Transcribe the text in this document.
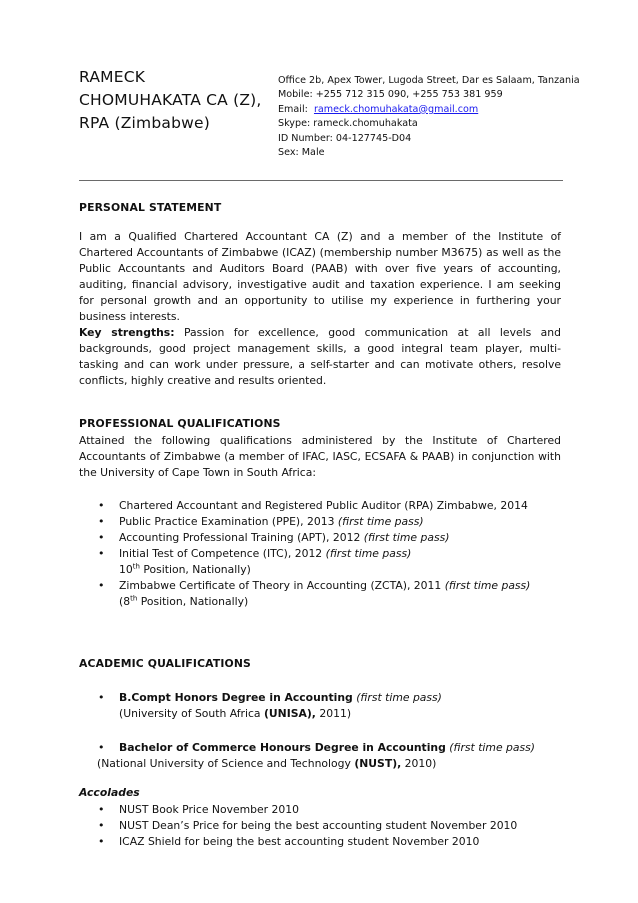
RAMECK
CHOMUHAKATA CA (Z),
RPA (Zimbabwe)
Office 2b, Apex Tower, Lugoda Street, Dar es Salaam, Tanzania
Mobile: +255 712 315 090, +255 753 381 959
Email: rameck.chomuhakata@gmail.com
Skype: rameck.chomuhakata
ID Number: 04-127745-D04
Sex: Male
PERSONAL STATEMENT
I am a Qualified Chartered Accountant CA (Z) and a member of the Institute of Chartered Accountants of Zimbabwe (ICAZ) (membership number M3675) as well as the Public Accountants and Auditors Board (PAAB) with over five years of accounting, auditing, financial advisory, investigative audit and taxation experience. I am seeking for personal growth and an opportunity to utilise my experience in furthering your business interests.
Key strengths: Passion for excellence, good communication at all levels and backgrounds, good project management skills, a good integral team player, multi-tasking and can work under pressure, a self-starter and can motivate others, resolve conflicts, highly creative and results oriented.
PROFESSIONAL QUALIFICATIONS
Attained the following qualifications administered by the Institute of Chartered Accountants of Zimbabwe (a member of IFAC, IASC, ECSAFA & PAAB) in conjunction with the University of Cape Town in South Africa:
• Chartered Accountant and Registered Public Auditor (RPA) Zimbabwe, 2014
• Public Practice Examination (PPE), 2013 (first time pass)
• Accounting Professional Training (APT), 2012 (first time pass)
• Initial Test of Competence (ITC), 2012 (first time pass)
10th Position, Nationally)
• Zimbabwe Certificate of Theory in Accounting (ZCTA), 2011 (first time pass)
(8th Position, Nationally)
ACADEMIC QUALIFICATIONS
• B.Compt Honors Degree in Accounting (first time pass)
(University of South Africa (UNISA), 2011)
• Bachelor of Commerce Honours Degree in Accounting (first time pass)
(National University of Science and Technology (NUST), 2010)
Accolades
• NUST Book Price November 2010
• NUST Dean’s Price for being the best accounting student November 2010
• ICAZ Shield for being the best accounting student November 2010
